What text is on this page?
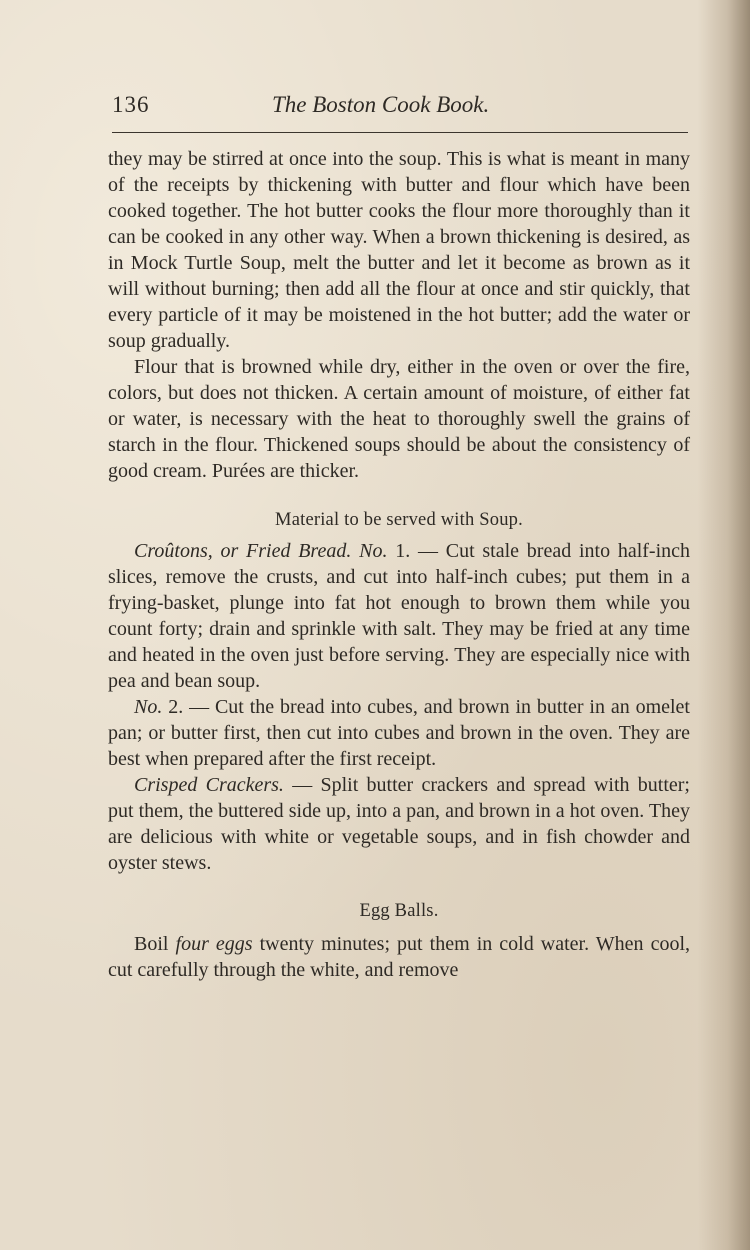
136	The Boston Cook Book.

they may be stirred at once into the soup. This is what is meant in many of the receipts by thickening with butter and flour which have been cooked together. The hot butter cooks the flour more thoroughly than it can be cooked in any other way. When a brown thickening is desired, as in Mock Turtle Soup, melt the butter and let it become as brown as it will without burning; then add all the flour at once and stir quickly, that every particle of it may be moistened in the hot butter; add the water or soup gradually.

Flour that is browned while dry, either in the oven or over the fire, colors, but does not thicken. A certain amount of moisture, of either fat or water, is necessary with the heat to thoroughly swell the grains of starch in the flour. Thickened soups should be about the consistency of good cream. Purées are thicker.

Material to be served with Soup.

Croûtons, or Fried Bread. No. 1. — Cut stale bread into half-inch slices, remove the crusts, and cut into half-inch cubes; put them in a frying-basket, plunge into fat hot enough to brown them while you count forty; drain and sprinkle with salt. They may be fried at any time and heated in the oven just before serving. They are especially nice with pea and bean soup.

No. 2. — Cut the bread into cubes, and brown in butter in an omelet pan; or butter first, then cut into cubes and brown in the oven. They are best when prepared after the first receipt.

Crisped Crackers. — Split butter crackers and spread with butter; put them, the buttered side up, into a pan, and brown in a hot oven. They are delicious with white or vegetable soups, and in fish chowder and oyster stews.

Egg Balls.

Boil four eggs twenty minutes; put them in cold water. When cool, cut carefully through the white, and remove
